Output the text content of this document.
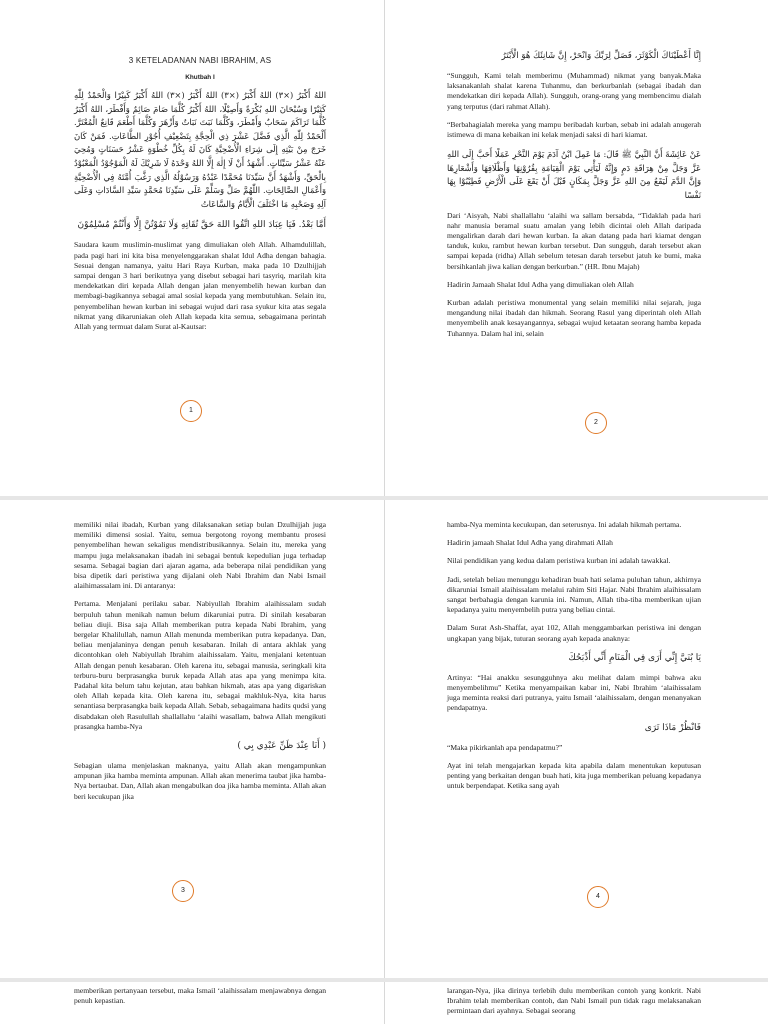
3 KETELADANAN NABI IBRAHIM, AS
Khutbah I
اللهُ أَكْبَرُ (×٣) اللهُ أَكْبَرُ (×٣) اللهُ أَكْبَرُ (×٣) اللهُ أَكْبَرُ كَبِيْرًا وَالْحَمْدُ لِلّٰهِ كَثِيْرًا وَسُبْحَانَ اللهِ بُكْرَةً وَأَصِيْلًا، اللهُ أَكْبَرُ كُلَّمَا صَامَ صَائِمٌ وَأَفْطَرَ، اللهُ أَكْبَرُ كُلَّمَا تَرَاكَمَ سَحَابٌ وَأَمْطَرَ، وَكُلَّمَا نَبَتَ نَبَاتٌ وَأَزْهَرَ وَكُلَّمَا أَطْعَمَ قَانِعٌ الْمُعْتَرَّ. أَلْحَمْدُ لِلّٰهِ الَّذِي فَضَّلَ عَشْرَ ذِي الْحِجَّةِ بِتَضْعِيْفِ أُجُوْرِ الطَّاعَاتِ. فَمَنْ كَانَ خَرَجَ مِنْ بَيْتِهِ إِلَى شِرَاءِ الْأُضْحِيَّةِ كَانَ لَهُ بِكُلِّ خُطْوَةٍ عَشْرُ حَسَنَاتٍ وَمُحِيَ عَنْهُ عَشْرُ سَيِّئَاتٍ. أَشْهَدُ أَنْ لَا إِلٰهَ إِلَّا اللهُ وَحْدَهُ لَا شَرِيْكَ لَهُ الْمَوْجُوْدُ الْمَعْبُوْدُ بِالْحَقِّ، وَأَشْهَدُ أَنَّ سَيِّدَنَا مُحَمَّدًا عَبْدُهُ وَرَسُوْلُهُ الَّذِي رَغَّبَ أُمَّتَهُ فِي الْأُضْحِيَّةِ وَأَعْمَالِ الصَّالِحَاتِ. اللّٰهُمَّ صَلِّ وَسَلِّمْ عَلَى سَيِّدِنَا مُحَمَّدٍ سَيِّدِ السَّادَاتِ وَعَلَى آلِهِ وَصَحْبِهِ مَا اخْتَلَفَ الْأَيَّامُ وَالسَّاعَاتُ
أَمَّا بَعْدُ. فَيَا عِبَادَ اللهِ اتَّقُوا اللهَ حَقَّ تُقَاتِهِ وَلَا تَمُوْتُنَّ إِلَّا وَأَنْتُمْ مُسْلِمُوْنَ

Saudara kaum muslimin-muslimat yang dimuliakan oleh Allah. Alhamdulillah, pada pagi hari ini kita bisa menyelenggarakan shalat Idul Adha dengan bahagia. Sesuai dengan namanya, yaitu Hari Raya Kurban, maka pada 10 Dzulhijjah sampai dengan 3 hari berikutnya yang disebut sebagai hari tasyriq, marilah kita mendekatkan diri kepada Allah dengan jalan menyembelih hewan kurban dan membagi-bagikannya sebagai amal sosial kepada yang membutuhkan. Selain itu, penyembelihan hewan kurban ini sebagai wujud dari rasa syukur kita atas segala nikmat yang dikaruniakan oleh Allah kepada kita semua, sebagaimana perintah Allah yang termuat dalam Surat al-Kautsar:

1
إِنَّا أَعْطَيْنَاكَ الْكَوْثَرَ، فَصَلِّ لِرَبِّكَ وَانْحَرْ، إِنَّ شَانِئَكَ هُوَ الْأَبْتَرُ

“Sungguh, Kami telah memberimu (Muhammad) nikmat yang banyak.Maka laksanakanlah shalat karena Tuhanmu, dan berkurbanlah (sebagai ibadah dan mendekatkan diri kepada Allah). Sungguh, orang-orang yang membencimu dialah yang terputus (dari rahmat Allah).

“Berbahagialah mereka yang mampu beribadah kurban, sebab ini adalah anugerah istimewa di mana kebaikan ini kelak menjadi saksi di hari kiamat.

عَنْ عَائِشَةَ أَنَّ النَّبِيَّ ﷺ قَالَ: مَا عَمِلَ ابْنُ آدَمَ يَوْمَ النَّحْرِ عَمَلًا أَحَبَّ إِلَى اللهِ عَزَّ وَجَلَّ مِنْ هِرَاقَةِ دَمٍ وَإِنَّهُ لَيَأْتِي يَوْمَ الْقِيَامَةِ بِقُرُوْنِهَا وَأَظْلَافِهَا وَأَشْعَارِهَا وَإِنَّ الدَّمَ لَيَقَعُ مِنَ اللهِ عَزَّ وَجَلَّ بِمَكَانٍ قَبْلَ أَنْ يَقَعَ عَلَى الْأَرْضِ فَطِيْبُوْا بِهَا نَفْسًا

Dari ‘Aisyah, Nabi shallallahu ‘alaihi wa sallam bersabda, “Tidaklah pada hari nahr manusia beramal suatu amalan yang lebih dicintai oleh Allah daripada mengalirkan darah dari hewan kurban. Ia akan datang pada hari kiamat dengan tanduk, kuku, rambut hewan kurban tersebut. Dan sungguh, darah tersebut akan sampai kepada (ridha) Allah sebelum tetesan darah tersebut jatuh ke bumi, maka bersihkanlah jiwa kalian dengan berkurban.” (HR. Ibnu Majah)

Hadirin Jamaah Shalat Idul Adha yang dimuliakan oleh Allah

Kurban adalah peristiwa monumental yang selain memiliki nilai sejarah, juga mengandung nilai ibadah dan hikmah. Seorang Rasul yang diperintah oleh Allah menyembelih anak kesayangannya, sebagai wujud ketaatan seorang hamba kepada Tuhannya. Dalam hal ini, selain

2

memiliki nilai ibadah, Kurban yang dilaksanakan setiap bulan Dzulhijjah juga memiliki dimensi sosial. Yaitu, semua bergotong royong membantu prosesi penyembelihan hewan sekaligus mendistribusikannya. Selain itu, mereka yang mampu juga melaksanakan ibadah ini sebagai bentuk kepedulian juga terhadap sesama. Sebagai bagian dari ajaran agama, ada beberapa nilai pendidikan yang bisa dipetik dari peristiwa yang dijalani oleh Nabi Ibrahim dan Nabi Ismail alaihimassalam ini. Di antaranya:

Pertama. Menjalani perilaku sabar. Nabiyullah Ibrahim alaihissalam sudah berpuluh tahun menikah namun belum dikaruniai putra. Di sinilah kesabaran beliau diuji. Bisa saja Allah memberikan putra kepada Nabi Ibrahim, yang bergelar Khalilullah, namun Allah menunda memberikan putra kepadanya. Dan, beliau menjalaninya dengan penuh kesabaran. Inilah di antara akhlak yang dicontohkan oleh Nabiyullah Ibrahim alaihissalam. Yaitu, menjalani ketentuan Allah dengan penuh kesabaran. Oleh karena itu, sebagai manusia, seringkali kita terburu-buru berprasangka buruk kepada Allah atas apa yang menimpa kita. Padahal kita belum tahu kejutan, atau bahkan hikmah, atas apa yang digariskan oleh Allah kepada kita. Oleh karena itu, sebagai makhluk-Nya, kita harus senantiasa berprasangka baik kepada Allah. Sebab, sebagaimana hadits qudsi yang disabdakan oleh Rasulullah shallallahu ‘alaihi wasallam, bahwa Allah mengikuti prasangka hamba-Nya

( أَنَا عِنْدَ ظَنِّ عَبْدِي بِي )

Sebagian ulama menjelaskan maknanya, yaitu Allah akan mengampunkan ampunan jika hamba meminta ampunan. Allah akan menerima taubat jika hamba-Nya bertaubat. Dan, Allah akan mengabulkan doa jika hamba meminta. Allah akan beri kecukupan jika

3

hamba-Nya meminta kecukupan, dan seterusnya. Ini adalah hikmah pertama.

Hadirin jamaah Shalat Idul Adha yang dirahmati Allah

Nilai pendidikan yang kedua dalam peristiwa kurban ini adalah tawakkal.

Jadi, setelah beliau menunggu kehadiran buah hati selama puluhan tahun, akhirnya dikaruniai Ismail alaihissalam melalui rahim Siti Hajar. Nabi Ibrahim alaihissalam sangat berbahagia dengan karunia ini. Namun, Allah tiba-tiba memberikan ujian kepadanya yaitu menyembelih putra yang beliau cintai.

Dalam Surat Ash-Shaffat, ayat 102, Allah menggambarkan peristiwa ini dengan ungkapan yang bijak, tuturan seorang ayah kepada anaknya:

يَا بُنَيَّ إِنِّي أَرَى فِي الْمَنَامِ أَنِّي أَذْبَحُكَ

Artinya: “Hai anakku sesungguhnya aku melihat dalam mimpi bahwa aku menyembelihmu” Ketika menyampaikan kabar ini, Nabi Ibrahim ‘alaihissalam juga meminta reaksi dari putranya, yaitu Ismail ‘alaihissalam, dengan menanyakan pendapatnya.

فَانْظُرْ مَاذَا تَرَى

“Maka pikirkanlah apa pendapatmu?”

Ayat ini telah mengajarkan kepada kita apabila dalam menentukan keputusan penting yang berkaitan dengan buah hati, kita juga memberikan peluang kepadanya untuk berpendapat. Ketika sang ayah

4

memberikan pertanyaan tersebut, maka Ismail ‘alaihissalam menjawabnya dengan penuh kepastian.

larangan-Nya, jika dirinya terlebih dulu memberikan contoh yang konkrit. Nabi Ibrahim telah memberikan contoh, dan Nabi Ismail pun tidak ragu melaksanakan permintaan dari ayahnya. Sebagai seorang
